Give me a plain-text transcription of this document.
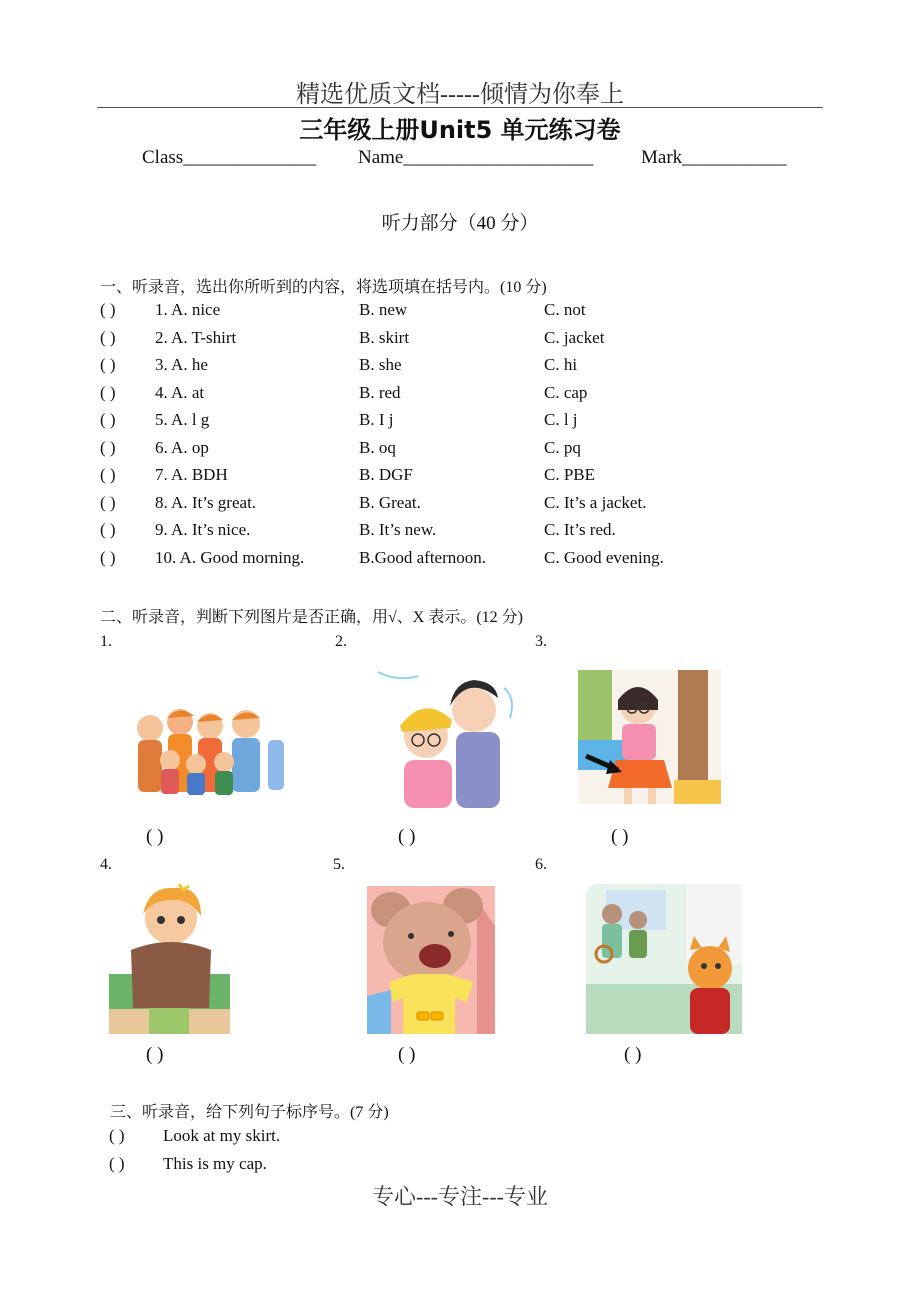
精选优质文档-----倾情为你奉上
三年级上册Unit5 单元练习卷
Class______________ Name____________________	Mark___________
听力部分（40 分）
一、听录音，选出你所听到的内容，将选项填在括号内。(10 分)
( ) 1. A. nice	B. new	C. not
( ) 2. A. T-shirt	B. skirt	C. jacket
( ) 3. A. he	B. she	C. hi
( ) 4. A. at	B. red	C. cap
( ) 5. A. l g	B. I j	C. l j
( ) 6. A. op	B. oq	C. pq
( ) 7. A. BDH	B. DGF	C. PBE
( ) 8. A. It’s great.	B. Great.	C. It’s a jacket.
( ) 9. A. It’s nice.	B. It’s new.	C. It’s red.
( ) 10. A. Good morning.	B.Good afternoon.	C. Good evening.
二、听录音，判断下列图片是否正确，用√、X 表示。(12 分)
1.	2.	3.
( )	( )	( )
4.	5.	6.
( )	( )	( )
三、听录音，给下列句子标序号。(7 分)
( ) Look at my skirt.
( ) This is my cap.
专心---专注---专业
